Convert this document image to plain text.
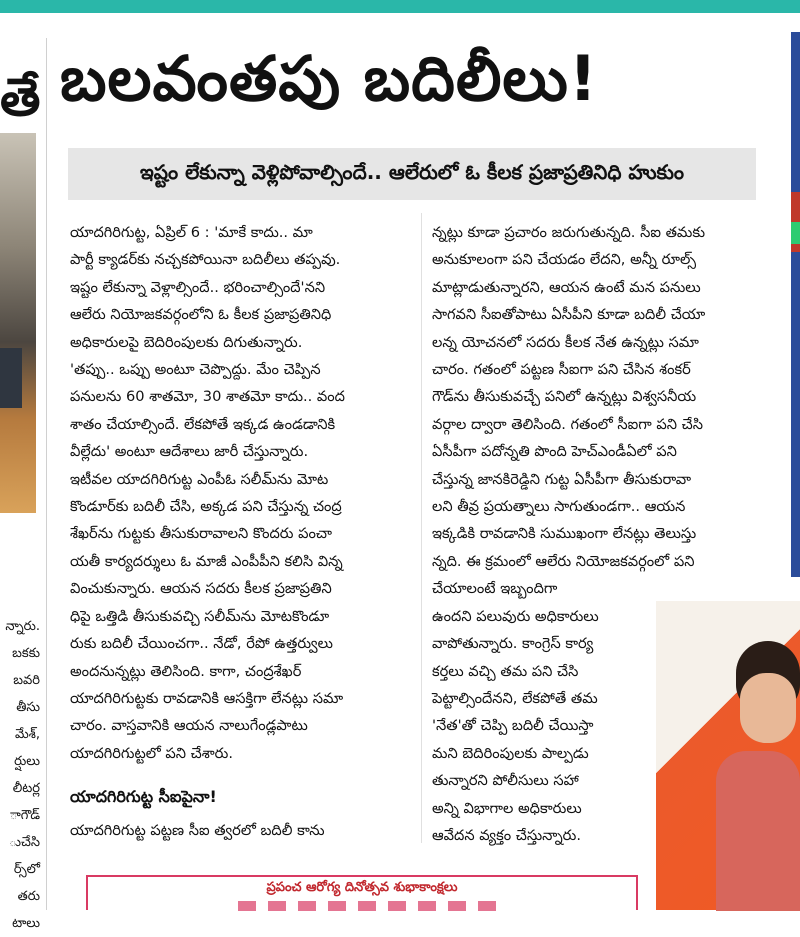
తే
న్నారు.
బకకు
బవరి
తీసు
మేశ్,
ర్షులు
లీటర్ల
ాగౌడ్
ుచేసి
ర్స్‌లో
తరు
టాలు
బలవంతపు బదిలీలు!
ఇష్టం లేకున్నా వెళ్లిపోవాల్సిందే.. ఆలేరులో ఓ కీలక ప్రజాప్రతినిధి హుకుం

యాదగిరిగుట్ట, ఏప్రిల్ 6 : 'మాకే కాదు.. మా

పార్టీ క్యాడర్‌కు నచ్చకపోయినా బదిలీలు తప్పవు.

ఇష్టం లేకున్నా వెళ్లాల్సిందే.. భరించాల్సిందే'నని

ఆలేరు నియోజకవర్గంలోని ఓ కీలక ప్రజాప్రతినిధి

అధికారులపై బెదిరింపులకు దిగుతున్నారు.

'తప్పు.. ఒప్పు అంటూ చెప్పొద్దు. మేం చెప్పిన

పనులను 60 శాతమో, 30 శాతమో కాదు.. వంద

శాతం చేయాల్సిందే. లేకపోతే ఇక్కడ ఉండడానికి

వీల్లేదు' అంటూ ఆదేశాలు జారీ చేస్తున్నారు.

ఇటీవల యాదగిరిగుట్ట ఎంపీఓ సలీమ్‌ను మోట

కొండూర్‌కు బదిలీ చేసి, అక్కడ పని చేస్తున్న చంద్ర

శేఖర్‌ను గుట్టకు తీసుకురావాలని కొందరు పంచా

యతీ కార్యదర్శులు ఓ మాజీ ఎంపీపీని కలిసి విన్న

వించుకున్నారు. ఆయన సదరు కీలక ప్రజాప్రతిని

ధిపై ఒత్తిడి తీసుకువచ్చి సలీమ్‌ను మోటకొండూ

రుకు బదిలీ చేయించగా.. నేడో, రేపో ఉత్తర్వులు

అందనున్నట్లు తెలిసింది. కాగా, చంద్రశేఖర్

యాదగిరిగుట్టకు రావడానికి ఆసక్తిగా లేనట్లు సమా

చారం. వాస్తవానికి ఆయన నాలుగేండ్లపాటు

యాదగిరిగుట్టలో పని చేశారు.

యాదగిరిగుట్ట సీఐపైనా!

యాదగిరిగుట్ట పట్టణ సీఐ త్వరలో బదిలీ కాను

న్నట్లు కూడా ప్రచారం జరుగుతున్నది. సీఐ తమకు

అనుకూలంగా పని చేయడం లేదని, అన్నీ రూల్స్

మాట్లాడుతున్నారని, ఆయన ఉంటే మన పనులు

సాగవని సీఐతోపాటు ఏసీపీని కూడా బదిలీ చేయా

లన్న యోచనలో సదరు కీలక నేత ఉన్నట్లు సమా

చారం. గతంలో పట్టణ సీఐగా పని చేసిన శంకర్

గౌడ్‌ను తీసుకువచ్చే పనిలో ఉన్నట్లు విశ్వసనీయ

వర్గాల ద్వారా తెలిసింది. గతంలో సీఐగా పని చేసి

ఏసీపీగా పదోన్నతి పొంది హెచ్ఎండీఏలో పని

చేస్తున్న జానకిరెడ్డిని గుట్ట ఏసీపీగా తీసుకురావా

లని తీవ్ర ప్రయత్నాలు సాగుతుండగా.. ఆయన

ఇక్కడికి రావడానికి సుముఖంగా లేనట్లు తెలుస్తు

న్నది. ఈ క్రమంలో ఆలేరు నియోజకవర్గంలో పని

చేయాలంటే ఇబ్బందిగా

ఉందని పలువురు అధికారులు

వాపోతున్నారు. కాంగ్రెస్ కార్య

కర్తలు వచ్చి తమ పని చేసి

పెట్టాల్సిందేనని, లేకపోతే తమ

'నేత'తో చెప్పి బదిలీ చేయిస్తా

మని బెదిరింపులకు పాల్పడు

తున్నారని పోలీసులు సహా

అన్ని విభాగాల అధికారులు

ఆవేదన వ్యక్తం చేస్తున్నారు.

ప్రపంచ ఆరోగ్య దినోత్సవ శుభాకాంక్షలు
